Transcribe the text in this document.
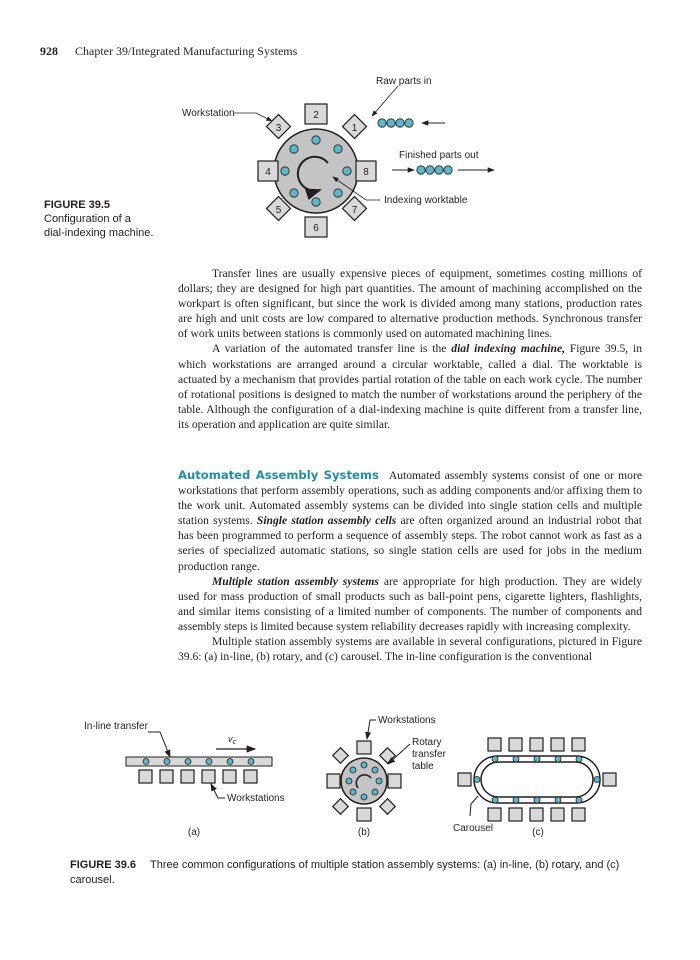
928 Chapter 39/Integrated Manufacturing Systems
2
6
4	8
3	1
5	7
Raw parts in
Finished parts out
Workstation
Indexing worktable
FIGURE 39.5
Configuration of a
dial-indexing machine.

Transfer lines are usually expensive pieces of equipment, sometimes costing millions of dollars; they are designed for high part quantities. The amount of machining accomplished on the workpart is often significant, but since the work is divided among many stations, production rates are high and unit costs are low compared to alternative production methods. Synchronous transfer of work units between stations is commonly used on automated machining lines.

A variation of the automated transfer line is the dial indexing machine, Figure 39.5, in which workstations are arranged around a circular worktable, called a dial. The worktable is actuated by a mechanism that provides partial rotation of the table on each work cycle. The number of rotational positions is designed to match the number of workstations around the periphery of the table. Although the configuration of a dial-indexing machine is quite different from a transfer line, its operation and application are quite similar.

Automated Assembly Systems Automated assembly systems consist of one or more workstations that perform assembly operations, such as adding components and/or affixing them to the work unit. Automated assembly systems can be divided into single station cells and multiple station systems. Single station assembly cells are often organized around an industrial robot that has been programmed to perform a sequence of assembly steps. The robot cannot work as fast as a series of specialized automatic stations, so single station cells are used for jobs in the medium production range.

Multiple station assembly systems are appropriate for high production. They are widely used for mass production of small products such as ball-point pens, cigarette lighters, flashlights, and similar items consisting of a limited number of components. The number of components and assembly steps is limited because system reliability decreases rapidly with increasing complexity.

Multiple station assembly systems are available in several configurations, pictured in Figure 39.6: (a) in-line, (b) rotary, and (c) carousel. The in-line configuration is the conventional

In-line transfer
$v_c$
Workstations
(a)
Workstations
Rotary
transfer
table
(b)	Carousel	(c)
FIGURE 39.6 Three common configurations of multiple station assembly systems: (a) in-line, (b) rotary, and (c) carousel.
